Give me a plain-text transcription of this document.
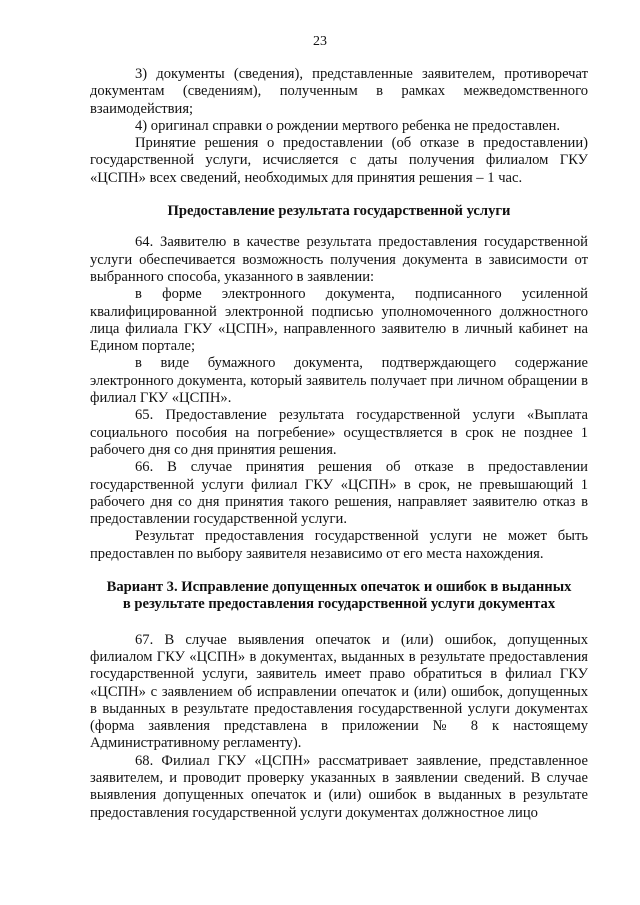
23

3) документы (сведения), представленные заявителем, противоречат документам (сведениям), полученным в рамках межведомственного взаимодействия;

4) оригинал справки о рождении мертвого ребенка не предоставлен.

Принятие решения о предоставлении (об отказе в предоставлении) государственной услуги, исчисляется с даты получения филиалом ГКУ «ЦСПН» всех сведений, необходимых для принятия решения – 1 час.

Предоставление результата государственной услуги

64. Заявителю в качестве результата предоставления государственной услуги обеспечивается возможность получения документа в зависимости от выбранного способа, указанного в заявлении:

в форме электронного документа, подписанного усиленной квалифицированной электронной подписью уполномоченного должностного лица филиала ГКУ «ЦСПН», направленного заявителю в личный кабинет на Едином портале;

в виде бумажного документа, подтверждающего содержание электронного документа, который заявитель получает при личном обращении в филиал ГКУ «ЦСПН».

65. Предоставление результата государственной услуги «Выплата социального пособия на погребение» осуществляется в срок не позднее 1 рабочего дня со дня принятия решения.

66. В случае принятия решения об отказе в предоставлении государственной услуги филиал ГКУ «ЦСПН» в срок, не превышающий 1 рабочего дня со дня принятия такого решения, направляет заявителю отказ в предоставлении государственной услуги.

Результат предоставления государственной услуги не может быть предоставлен по выбору заявителя независимо от его места нахождения.

Вариант 3. Исправление допущенных опечаток и ошибок в выданных

в результате предоставления государственной услуги документах

67. В случае выявления опечаток и (или) ошибок, допущенных филиалом ГКУ «ЦСПН» в документах, выданных в результате предоставления государственной услуги, заявитель имеет право обратиться в филиал ГКУ «ЦСПН» с заявлением об исправлении опечаток и (или) ошибок, допущенных в выданных в результате предоставления государственной услуги документах (форма заявления представлена в приложении № 8 к настоящему Административному регламенту).

68. Филиал ГКУ «ЦСПН» рассматривает заявление, представленное заявителем, и проводит проверку указанных в заявлении сведений. В случае выявления допущенных опечаток и (или) ошибок в выданных в результате предоставления государственной услуги документах должностное лицо
